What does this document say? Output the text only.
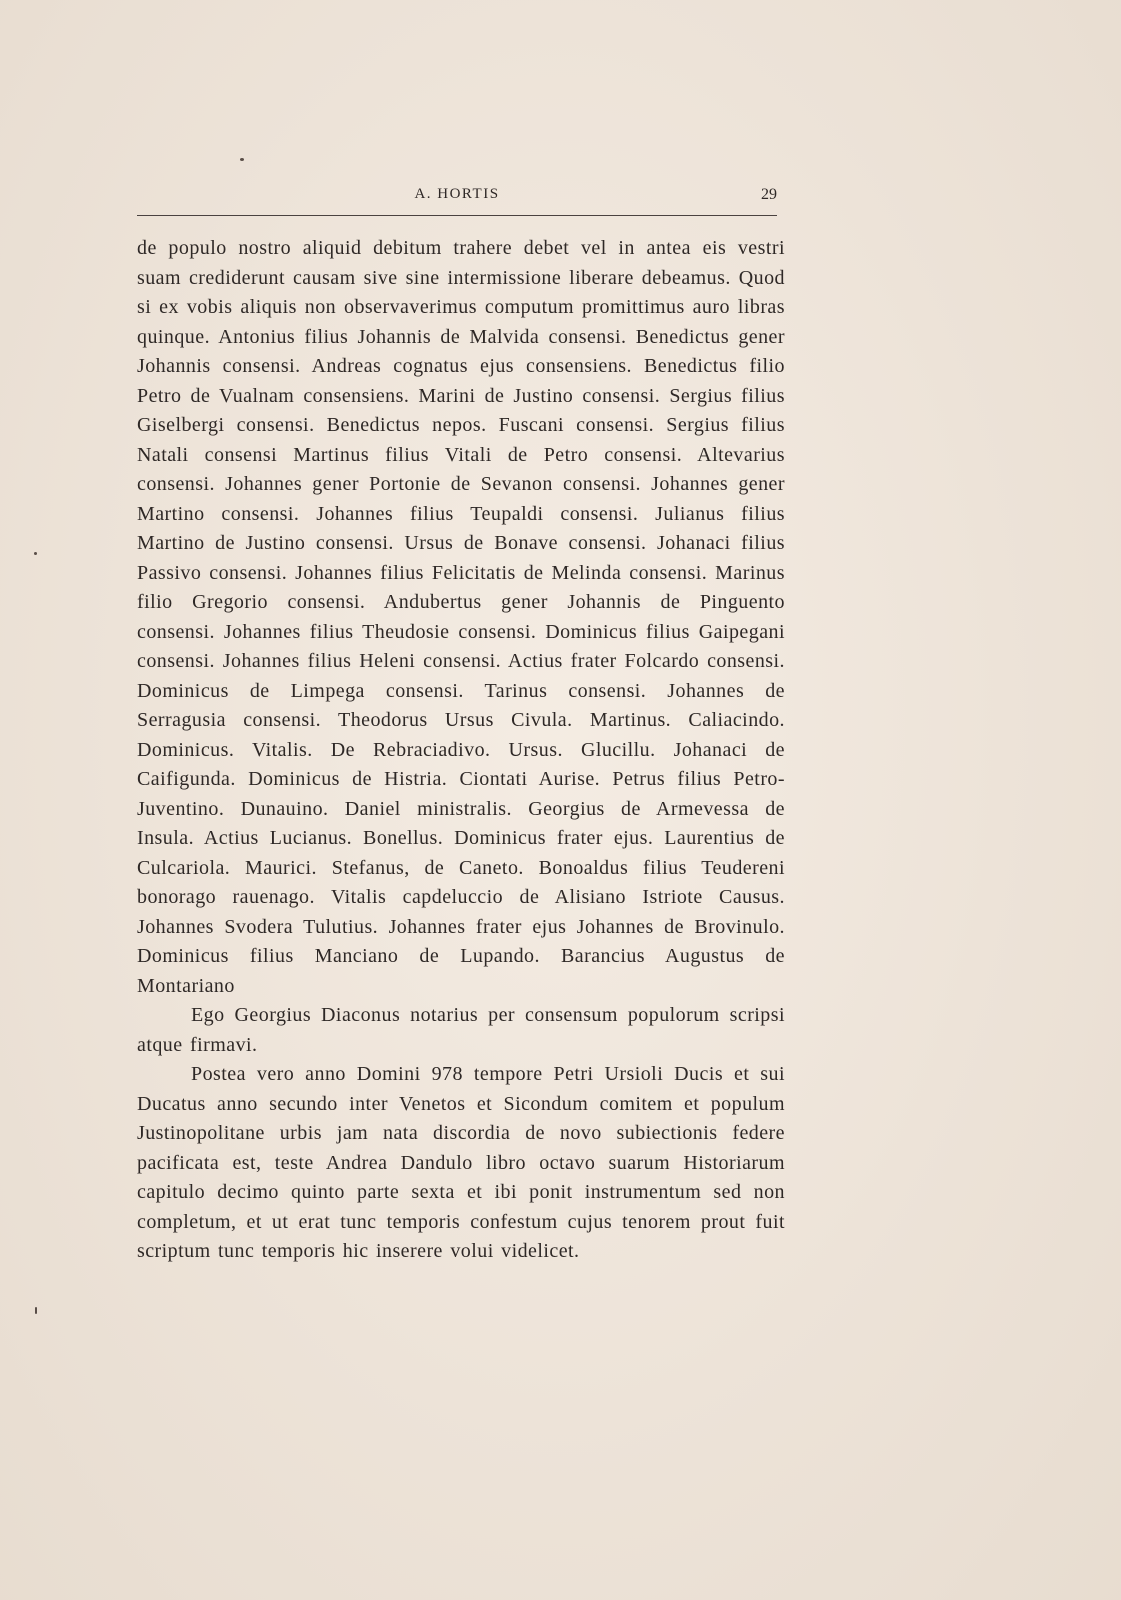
A. HORTIS	29

de populo nostro aliquid debitum trahere debet vel in antea eis vestri suam crediderunt causam sive sine intermissione liberare debeamus. Quod si ex vobis aliquis non observaverimus computum promittimus auro libras quinque. Antonius filius Johannis de Malvida consensi. Benedictus gener Johannis consensi. Andreas cognatus ejus consensiens. Benedictus filio Petro de Vualnam consensiens. Marini de Justino consensi. Sergius filius Giselbergi consensi. Benedictus nepos. Fuscani consensi. Sergius filius Natali consensi Martinus filius Vitali de Petro consensi. Altevarius consensi. Johannes gener Portonie de Sevanon consensi. Johannes gener Martino consensi. Johannes filius Teupaldi consensi. Julianus filius Martino de Justino consensi. Ursus de Bonave consensi. Johanaci filius Passivo consensi. Johannes filius Felicitatis de Melinda consensi. Marinus filio Gregorio consensi. Andubertus gener Johannis de Pinguento consensi. Johannes filius Theudosie consensi. Dominicus filius Gaipegani consensi. Johannes filius Heleni consensi. Actius frater Folcardo consensi. Dominicus de Limpega consensi. Tarinus consensi. Johannes de Serragusia consensi. Theodorus Ursus Civula. Martinus. Caliacindo. Dominicus. Vitalis. De Rebraciadivo. Ursus. Glucillu. Johanaci de Caifigunda. Dominicus de Histria. Ciontati Aurise. Petrus filius Petro-Juventino. Dunauino. Daniel ministralis. Georgius de Armevessa de Insula. Actius Lucianus. Bonellus. Dominicus frater ejus. Laurentius de Culcariola. Maurici. Stefanus, de Caneto. Bonoaldus filius Teudereni bonorago rauenago. Vitalis capdeluccio de Alisiano Istriote Causus. Johannes Svodera Tulutius. Johannes frater ejus Johannes de Brovinulo. Dominicus filius Manciano de Lupando. Barancius Augustus de Montariano

Ego Georgius Diaconus notarius per consensum populorum scripsi atque firmavi.

Postea vero anno Domini 978 tempore Petri Ursioli Ducis et sui Ducatus anno secundo inter Venetos et Sicondum comitem et populum Justinopolitane urbis jam nata discordia de novo subiectionis federe pacificata est, teste Andrea Dandulo libro octavo suarum Historiarum capitulo decimo quinto parte sexta et ibi ponit instrumentum sed non completum, et ut erat tunc temporis confestum cujus tenorem prout fuit scriptum tunc temporis hic inserere volui videlicet.
